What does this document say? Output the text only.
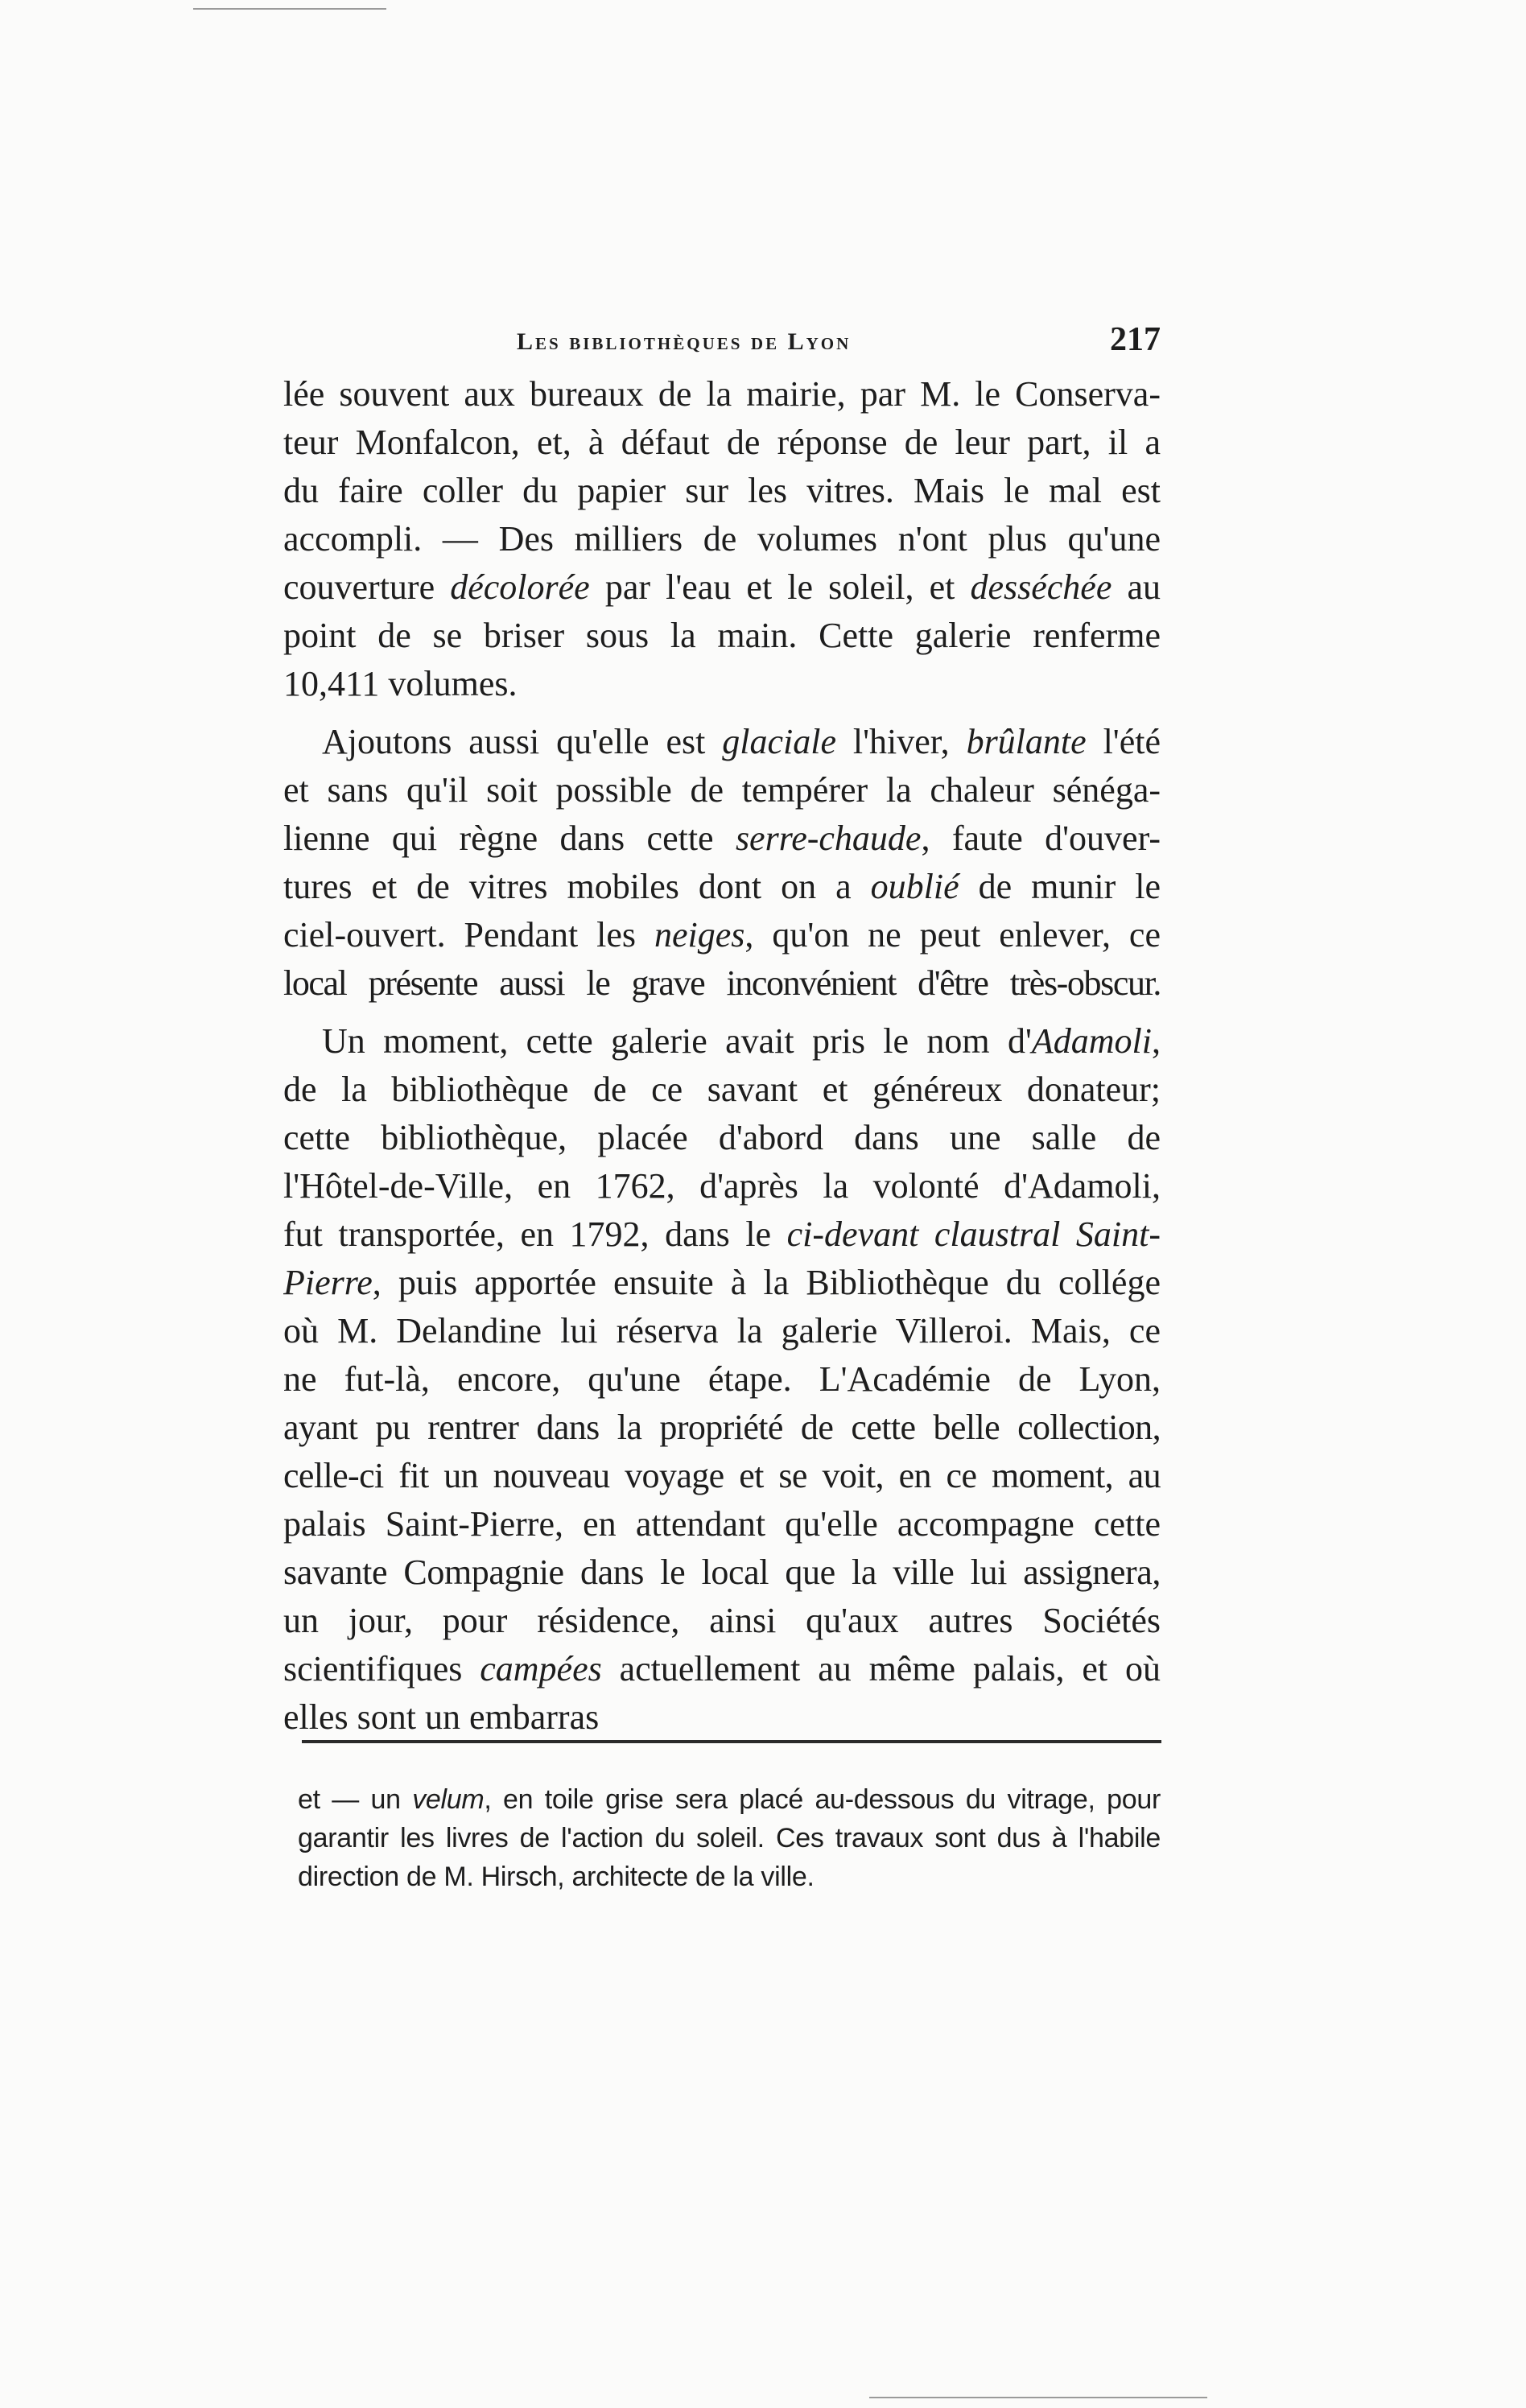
Les bibliothèques de Lyon	217
lée souvent aux bureaux de la mairie, par M. le Conserva-
teur Monfalcon, et, à défaut de réponse de leur part, il a
du faire coller du papier sur les vitres. Mais le mal est
accompli. — Des milliers de volumes n'ont plus qu'une
couverture décolorée par l'eau et le soleil, et desséchée au
point de se briser sous la main. Cette galerie renferme
10,411 volumes.
Ajoutons aussi qu'elle est glaciale l'hiver, brûlante l'été
et sans qu'il soit possible de tempérer la chaleur sénéga-
lienne qui règne dans cette serre-chaude, faute d'ouver-
tures et de vitres mobiles dont on a oublié de munir le
ciel-ouvert. Pendant les neiges, qu'on ne peut enlever, ce
local présente aussi le grave inconvénient d'être très-obscur.
Un moment, cette galerie avait pris le nom d'Adamoli,
de la bibliothèque de ce savant et généreux donateur;
cette bibliothèque, placée d'abord dans une salle de
l'Hôtel-de-Ville, en 1762, d'après la volonté d'Adamoli,
fut transportée, en 1792, dans le ci-devant claustral Saint-
Pierre, puis apportée ensuite à la Bibliothèque du collége
où M. Delandine lui réserva la galerie Villeroi. Mais, ce
ne fut-là, encore, qu'une étape. L'Académie de Lyon,
ayant pu rentrer dans la propriété de cette belle collection,
celle-ci fit un nouveau voyage et se voit, en ce moment, au
palais Saint-Pierre, en attendant qu'elle accompagne cette
savante Compagnie dans le local que la ville lui assignera,
un jour, pour résidence, ainsi qu'aux autres Sociétés
scientifiques campées actuellement au même palais, et où
elles sont un embarras
et — un velum, en toile grise sera placé au-dessous du vitrage, pour
garantir les livres de l'action du soleil. Ces travaux sont dus à l'habile
direction de M. Hirsch, architecte de la ville.
